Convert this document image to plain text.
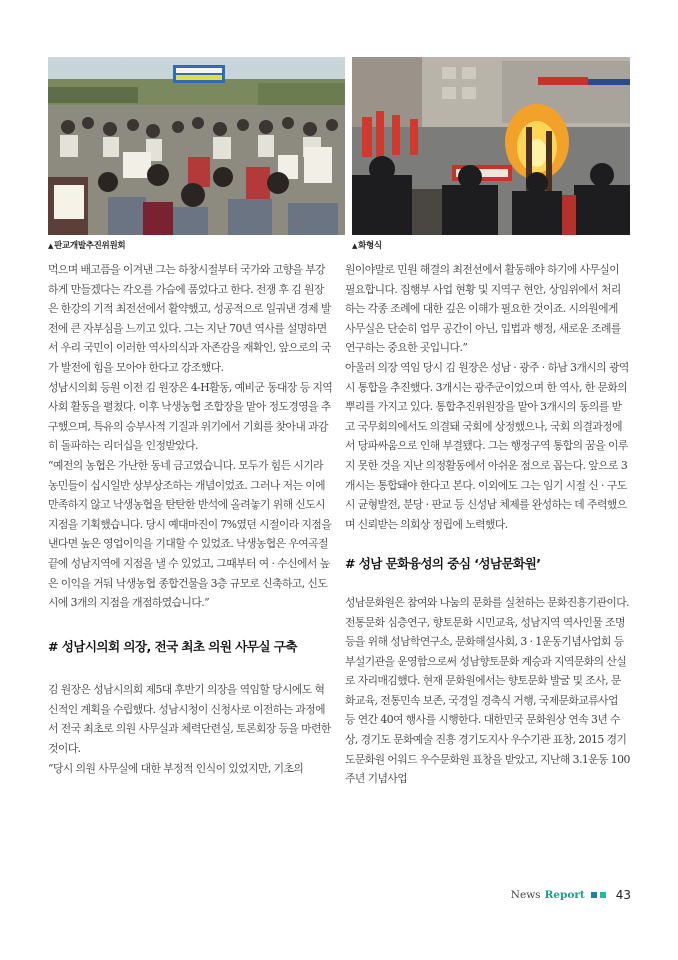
▲판교개발추진위원회	▲화형식

먹으며 배고픔을 이겨낸 그는 하창시절부터 국가와 고향을 부강하게 만들겠다는 각오를 가슴에 품었다고 한다. 전쟁 후 김 원장은 한강의 기적 최전선에서 활약했고, 성공적으로 일궈낸 경제 발전에 큰 자부심을 느끼고 있다. 그는 지난 70년 역사를 설명하면서 우리 국민이 이러한 역사의식과 자존감을 재확인, 앞으로의 국가 발전에 힘을 모아야 한다고 강조했다.

성남시의회 등원 이전 김 원장은 4-H활동, 예비군 동대장 등 지역사회 활동을 펼쳤다. 이후 낙생농협 조합장을 맡아 정도경영을 추구했으며, 특유의 승부사적 기질과 위기에서 기회를 찾아내 과감히 돌파하는 리더십을 인정받았다.

“예전의 농협은 가난한 동네 금고였습니다. 모두가 힘든 시기라 농민들이 십시일반 상부상조하는 개념이었죠. 그러나 저는 이에 만족하지 않고 낙생농협을 탄탄한 반석에 올려놓기 위해 신도시 지점을 기획했습니다. 당시 예대마진이 7%였던 시절이라 지점을 낸다면 높은 영업이익을 기대할 수 있었죠. 낙생농협은 우여곡절 끝에 성남지역에 지점을 낼 수 있었고, 그때부터 여 · 수신에서 높은 이익을 거둬 낙생농협 종합건물을 3층 규모로 신축하고, 신도시에 3개의 지점을 개점하였습니다.”

# 성남시의회 의장, 전국 최초 의원 사무실 구축

김 원장은 성남시의회 제5대 후반기 의장을 역임할 당시에도 혁신적인 계획을 수립했다. 성남시청이 신청사로 이전하는 과정에서 전국 최초로 의원 사무실과 체력단련실, 토론회장 등을 마련한 것이다.

“당시 의원 사무실에 대한 부정적 인식이 있었지만, 기초의

원이야말로 민원 해결의 최전선에서 활동해야 하기에 사무실이 필요합니다. 집행부 사업 현황 및 지역구 현안, 상임위에서 처리하는 각종 조례에 대한 깊은 이해가 필요한 것이죠. 시의원에게 사무실은 단순히 업무 공간이 아닌, 입법과 행정, 새로운 조례를 연구하는 중요한 곳입니다.”

아울러 의장 역임 당시 김 원장은 성남 · 광주 · 하남 3개시의 광역시 통합을 추진했다. 3개시는 광주군이었으며 한 역사, 한 문화의 뿌리를 가지고 있다. 통합추진위원장을 맡아 3개시의 동의를 받고 국무회의에서도 의결돼 국회에 상정했으나, 국회 의결과정에서 당파싸움으로 인해 부결됐다. 그는 행정구역 통합의 꿈을 이루지 못한 것을 지난 의정활동에서 아쉬운 점으로 꼽는다. 앞으로 3개시는 통합돼야 한다고 본다. 이외에도 그는 임기 시절 신 · 구도시 균형발전, 분당 · 판교 등 신성남 체제를 완성하는 데 주력했으며 신뢰받는 의회상 정립에 노력했다.

# 성남 문화융성의 중심 ‘성남문화원’

성남문화원은 참여와 나눔의 문화를 실천하는 문화진흥기관이다. 전통문화 심층연구, 향토문화 시민교육, 성남지역 역사인물 조명 등을 위해 성남학연구소, 문화해설사회, 3 · 1운동기념사업회 등 부설기관을 운영함으로써 성남향토문화 계승과 지역문화의 산실로 자리매김했다. 현재 문화원에서는 향토문화 발굴 및 조사, 문화교육, 전통민속 보존, 국경일 경축식 거행, 국제문화교류사업 등 연간 40여 행사를 시행한다. 대한민국 문화원상 연속 3년 수상, 경기도 문화예술 진흥 경기도지사 우수기관 표창, 2015 경기도문화원 어워드 우수문화원 표창을 받았고, 지난해 3.1운동 100주년 기념사업

News Report	43
